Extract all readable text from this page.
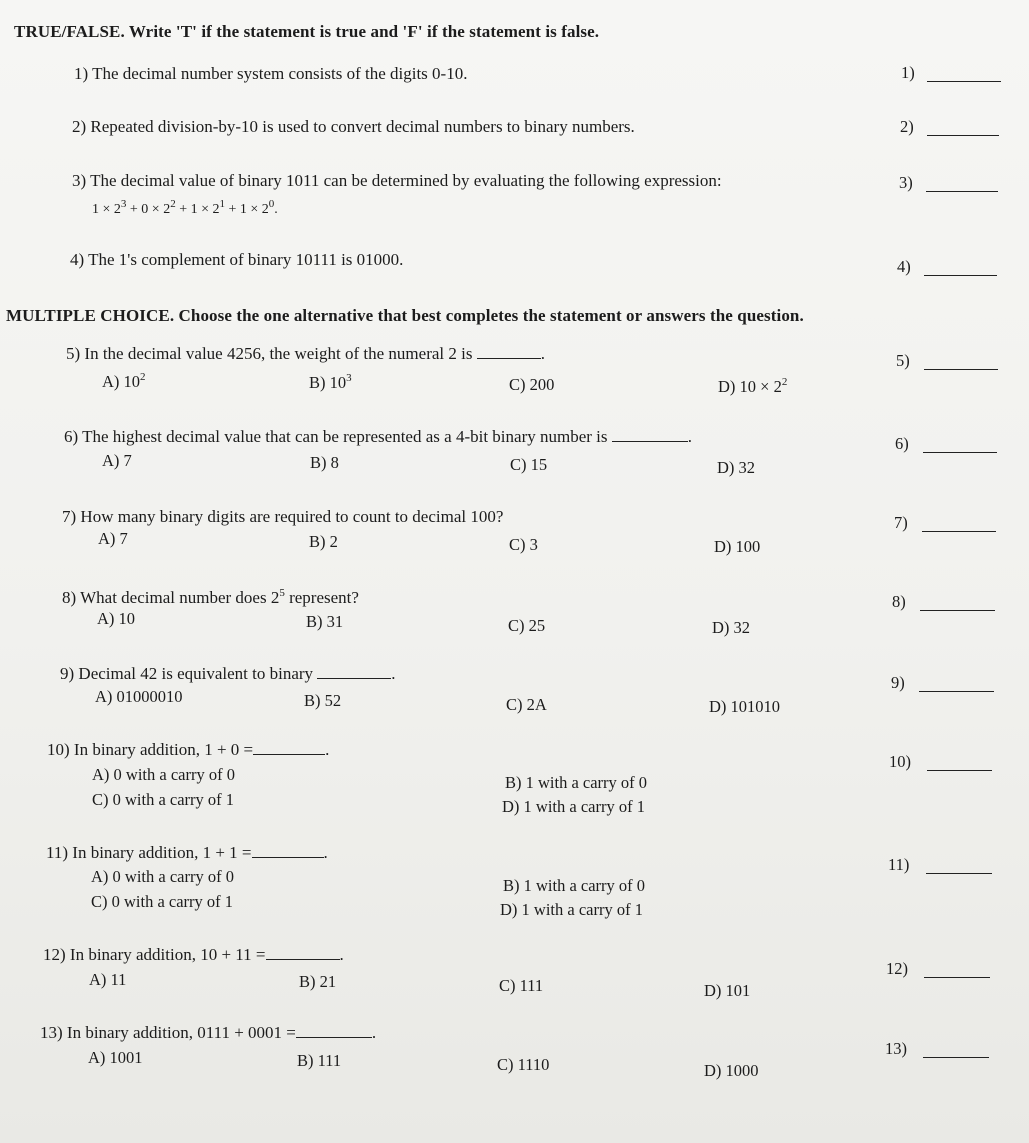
TRUE/FALSE. Write 'T' if the statement is true and 'F' if the statement is false.
1) The decimal number system consists of the digits 0-10.
2) Repeated division-by-10 is used to convert decimal numbers to binary numbers.
3) The decimal value of binary 1011 can be determined by evaluating the following expression:
$1 \times 2^3 + 0 \times 2^2 + 1 \times 2^1 + 1 \times 2^0$.
4) The 1's complement of binary 10111 is 01000.
MULTIPLE CHOICE. Choose the one alternative that best completes the statement or answers the question.
5) In the decimal value 4256, the weight of the numeral 2 is	.
A) $10^2$	B) $10^3$	C) 200	D) $10 \times 2^2$
6) The highest decimal value that can be represented as a 4-bit binary number is	.
A) 7	B) 8	C) 15	D) 32
7) How many binary digits are required to count to decimal 100?
A) 7	B) 2	C) 3	D) 100
8) What decimal number does $2^5$ represent?
A) 10	B) 31	C) 25	D) 32
9) Decimal 42 is equivalent to binary	.
A) 01000010	B) 52	C) 2A	D) 101010
10) In binary addition, 1 + 0 =	.
A) 0 with a carry of 0	B) 1 with a carry of 0
C) 0 with a carry of 1	D) 1 with a carry of 1
11) In binary addition, 1 + 1 =	.
A) 0 with a carry of 0	B) 1 with a carry of 0
C) 0 with a carry of 1	D) 1 with a carry of 1
12) In binary addition, 10 + 11 =	.
A) 11	B) 21	C) 111	D) 101
13) In binary addition, 0111 + 0001 =	.
A) 1001	B) 111	C) 1110	D) 1000
1)
2)
3)
4)
5)
6)
7)
8)
9)
10)
11)
12)
13)
